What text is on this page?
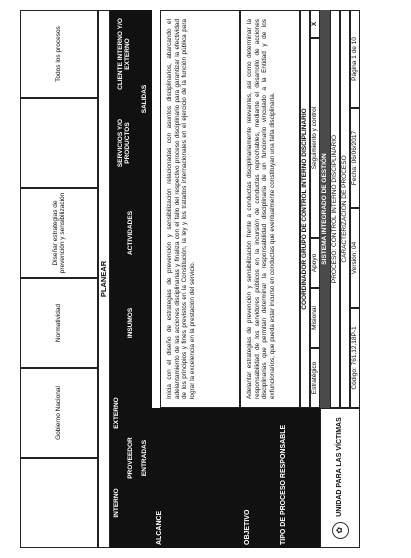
✿
UNIDAD PARA LAS VÍCTIMAS
SISTEMA INTEGRADO DE GESTIÓN PROCESO: CONTROL INTERNO DISCIPLINARIO CARACTERIZACIÓN DE PROCESO
Código: 761,12,18P-1
Versión: 04
Fecha: 06/06/2017
Página 1 de 10
TIPO DE PROCESO RESPONSABLE
Estratégico
Misional
Apoyo
Seguimiento y control
X
COORDINADOR GRUPO DE CONTROL INTERNO DISCIPLINARIO
OBJETIVO
Adelantar estrategias de prevención y sensibilización frente a conductas disciplinariamente relevantes, así como determinar la responsabilidad de los servidores públicos en la incursión de conductas reprochables, mediante el desarrollo de acciones disciplinarias que permitan determinar la responsabilidad disciplinaria de un funcionario vinculado a la Entidad y de los exfuncionarios, que pueda estar incurso en conductas que eventualmente constituyan una falta disciplinaria.
ALCANCE
Inicia con el diseño de estrategias de prevención y sensibilización relacionadas con asuntos disciplinarios, abarcando el adelantamiento de las acciones disciplinarias y finaliza con el fallo del respectivo proceso disciplinario para garantizar la efectividad de los principios y fines previstos en la Constitución, la ley y los tratados internacionales en el ejercicio de la función pública para lograr la excelencia en la prestación del servicio.
ENTRADAS
PROVEEDOR
INTERNO
EXTERNO
INSUMOS
ACTIVIDADES
SALIDAS
SERVICIOS Y/O PRODUCTOS
CLIENTE INTERNO Y/O EXTERNO
PLANEAR
Gobierno Nacional
Normatividad
Diseñar estrategias de prevención y sensibilización
Todos los procesos
